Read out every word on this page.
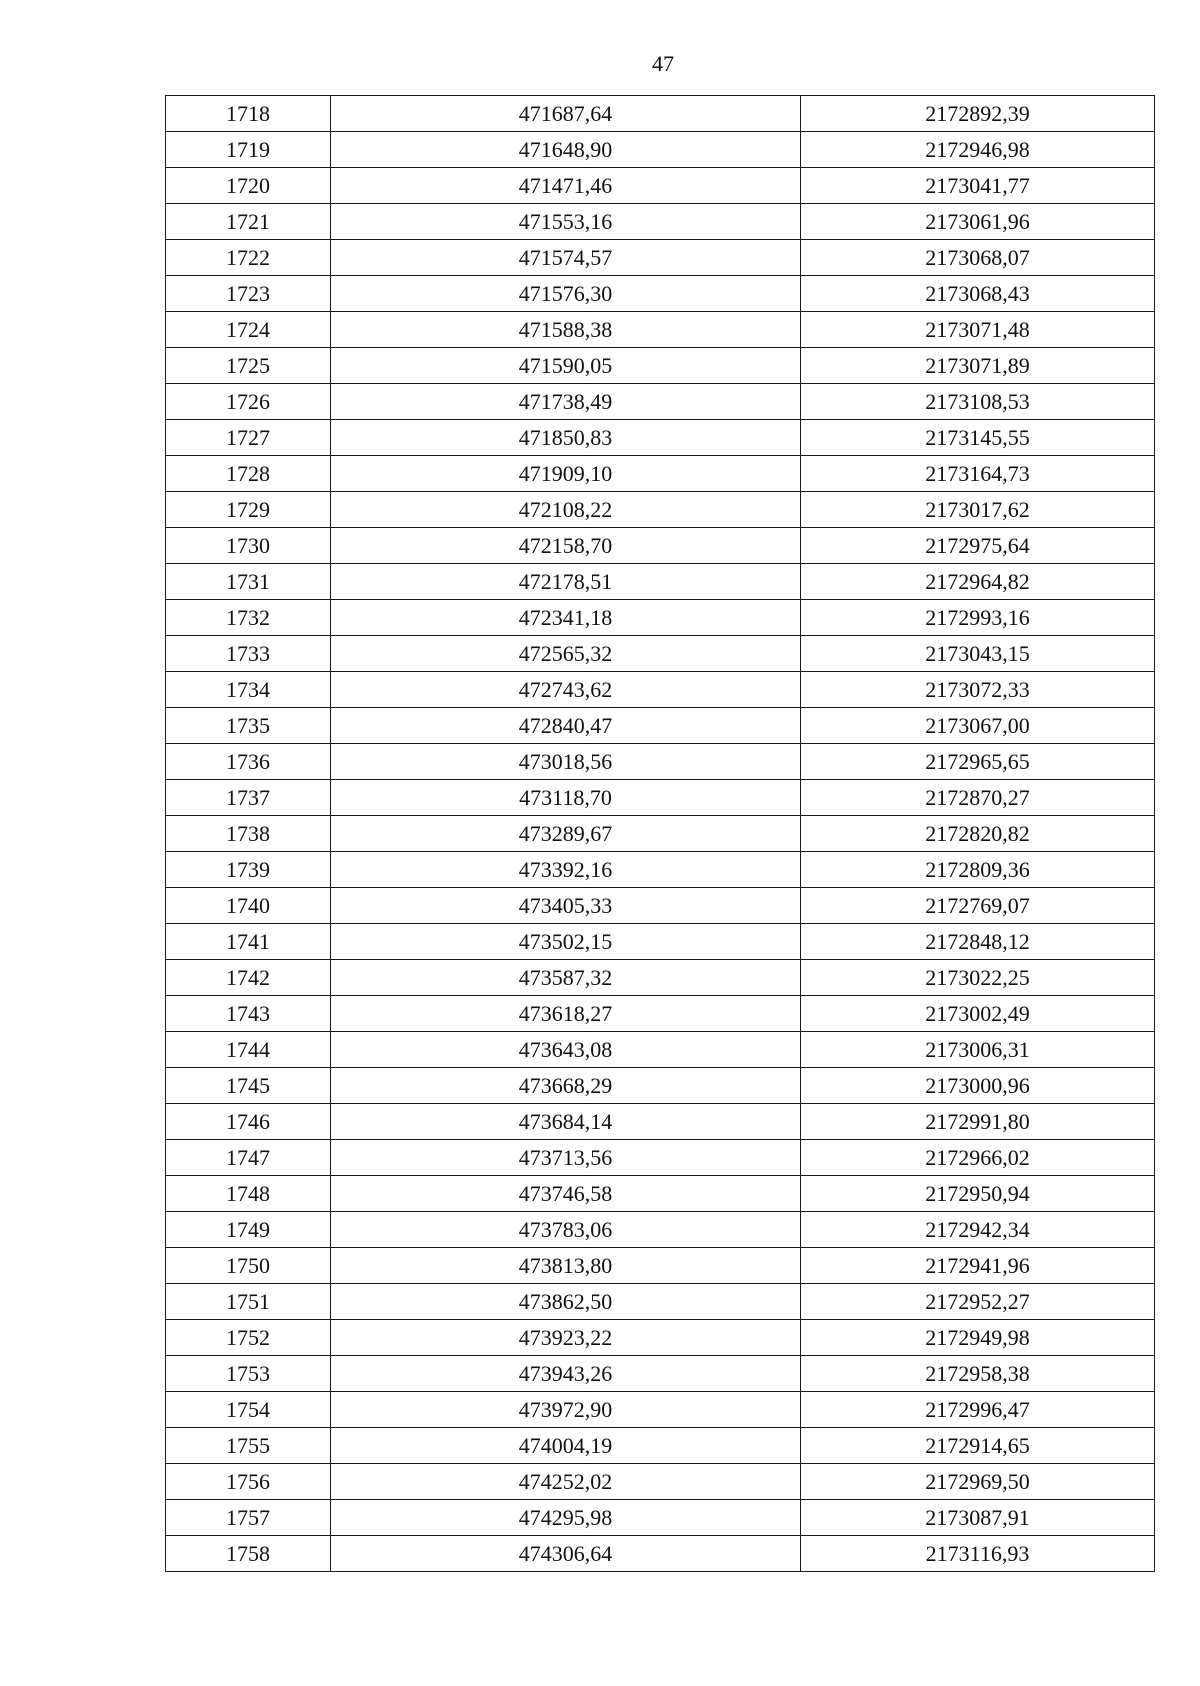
47
1718	471687,64	2172892,39
1719	471648,90	2172946,98
1720	471471,46	2173041,77
1721	471553,16	2173061,96
1722	471574,57	2173068,07
1723	471576,30	2173068,43
1724	471588,38	2173071,48
1725	471590,05	2173071,89
1726	471738,49	2173108,53
1727	471850,83	2173145,55
1728	471909,10	2173164,73
1729	472108,22	2173017,62
1730	472158,70	2172975,64
1731	472178,51	2172964,82
1732	472341,18	2172993,16
1733	472565,32	2173043,15
1734	472743,62	2173072,33
1735	472840,47	2173067,00
1736	473018,56	2172965,65
1737	473118,70	2172870,27
1738	473289,67	2172820,82
1739	473392,16	2172809,36
1740	473405,33	2172769,07
1741	473502,15	2172848,12
1742	473587,32	2173022,25
1743	473618,27	2173002,49
1744	473643,08	2173006,31
1745	473668,29	2173000,96
1746	473684,14	2172991,80
1747	473713,56	2172966,02
1748	473746,58	2172950,94
1749	473783,06	2172942,34
1750	473813,80	2172941,96
1751	473862,50	2172952,27
1752	473923,22	2172949,98
1753	473943,26	2172958,38
1754	473972,90	2172996,47
1755	474004,19	2172914,65
1756	474252,02	2172969,50
1757	474295,98	2173087,91
1758	474306,64	2173116,93
